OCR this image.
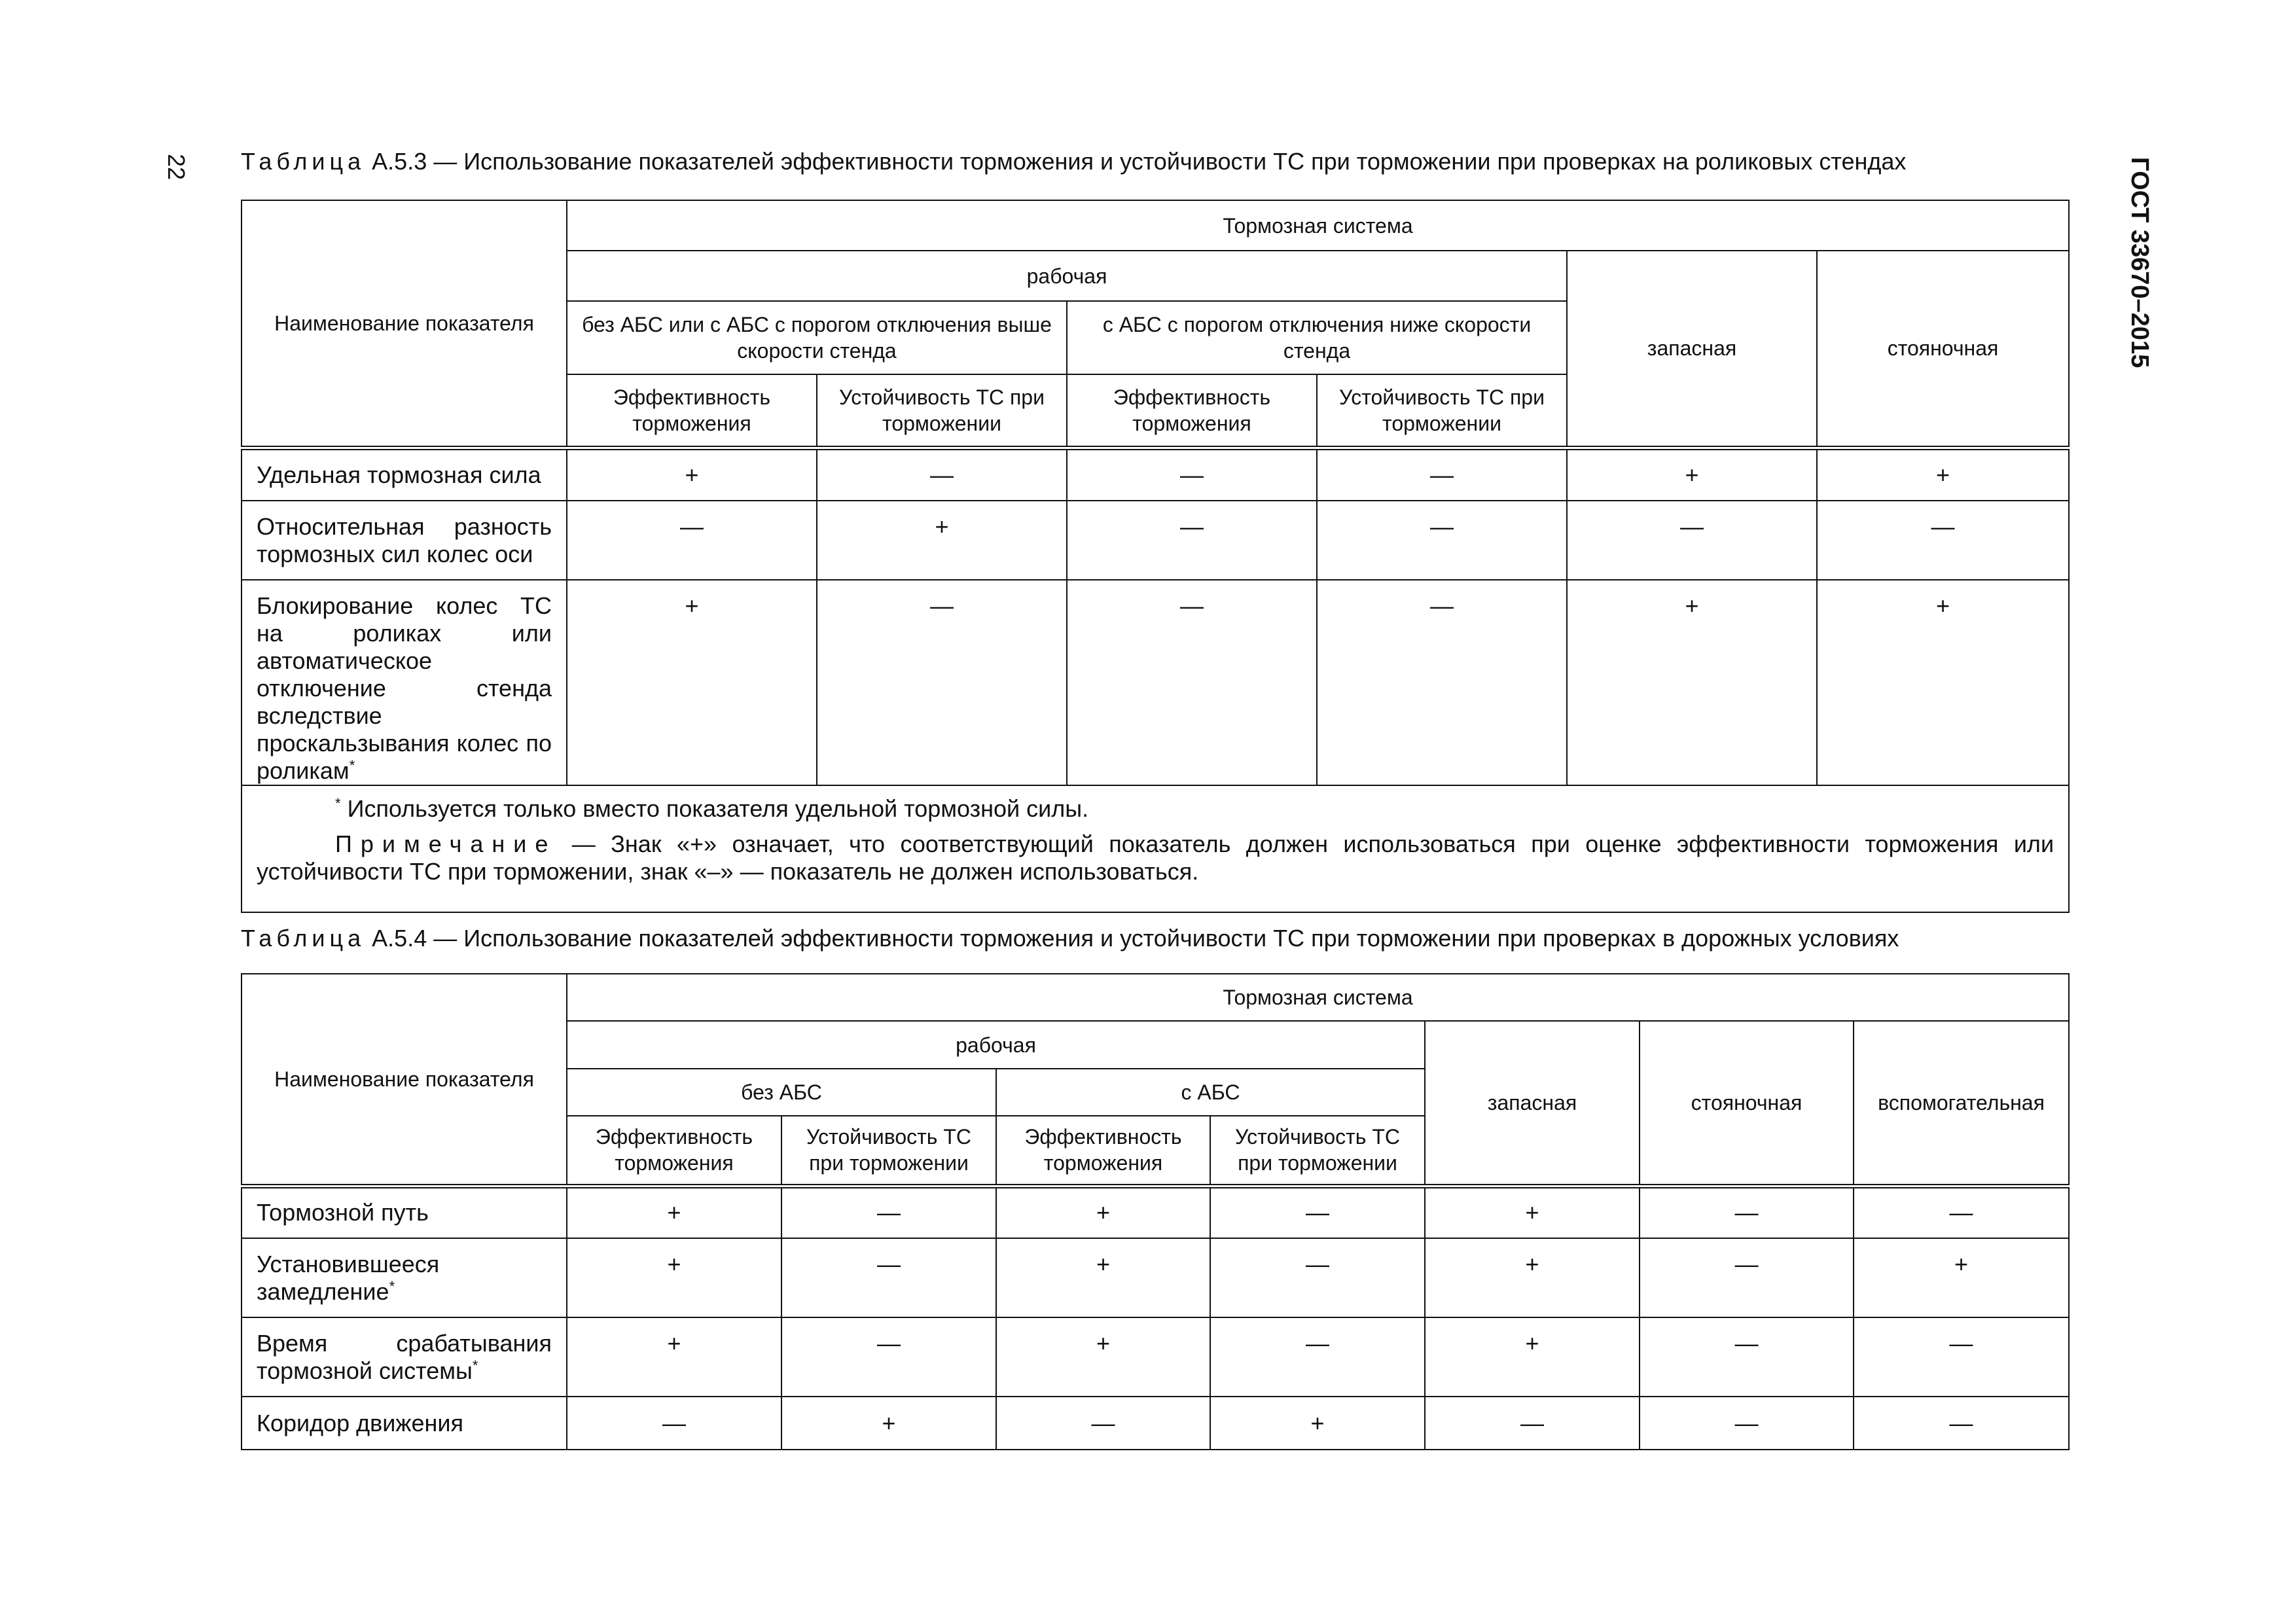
22	ГОСТ 33670–2015
Таблица А.5.3 — Использование показателей эффективности торможения и устойчивости ТС при торможении при проверках на роликовых стендах
Наименование показателя	Тормозная система					
	рабочая				запасная	стояночная
	без АБС или с АБС с порогом отключения выше скорости стенда		с АБС с порогом отключения ниже скорости стенда			
	Эффективность торможения	Устойчивость ТС при торможении	Эффективность торможения	Устойчивость ТС при торможении		
Удельная тормозная сила	+	—	—	—	+	+
Относительная разность тормозных сил колес оси	—	+	—	—	—	—
Блокирование колес ТС на роликах или автоматическое отключение стенда вследствие проскальзывания колес по роликам*	+	—	—	—	+	+

* Используется только вместо показателя удельной тормозной силы.

Примечание — Знак «+» означает, что соответствующий показатель должен использоваться при оценке эффективности торможения или устойчивости ТС при торможении, знак «–» — показатель не должен использоваться.						

Таблица А.5.4 — Использование показателей эффективности торможения и устойчивости ТС при торможении при проверках в дорожных условиях
Наименование показателя	Тормозная система						
	рабочая				запасная	стояночная	вспомогательная
	без АБС		с АБС				
	Эффективность торможения	Устойчивость ТС при торможении	Эффективность торможения	Устойчивость ТС при торможении			
Тормозной путь	+	—	+	—	+	—	—
Установившееся замедление*	+	—	+	—	+	—	+
Время срабатывания тормозной системы*	+	—	+	—	+	—	—
Коридор движения	—	+	—	+	—	—	—
